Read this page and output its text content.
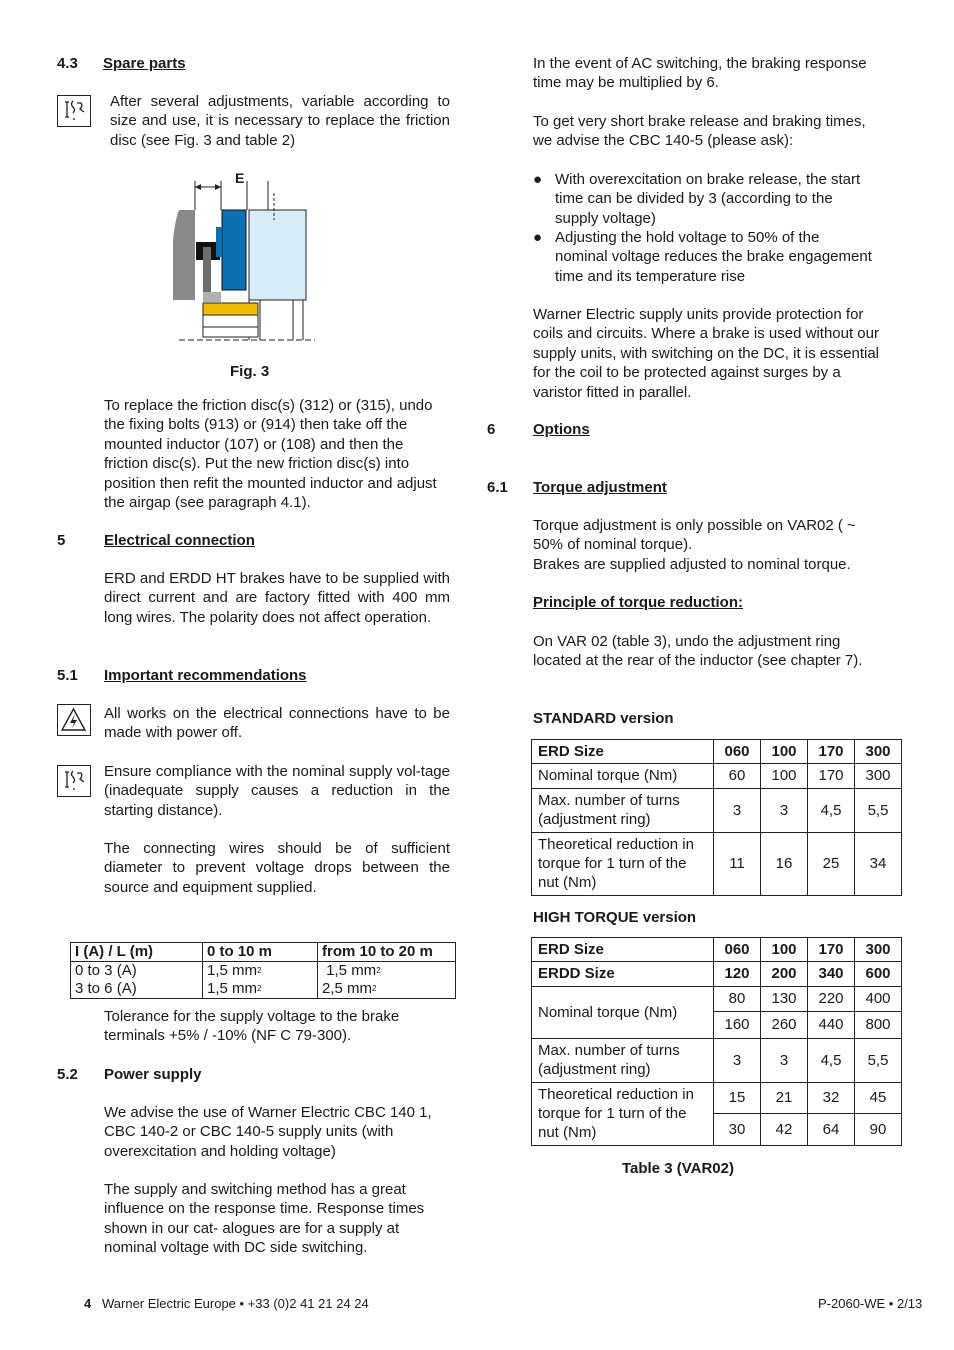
4.3 Spare parts
After several adjustments, variable according to size and use, it is necessary to replace the friction disc (see Fig. 3 and table 2)
E
Fig. 3
To replace the friction disc(s) (312) or (315), undo the fixing bolts (913) or (914) then take off the mounted inductor (107) or (108) and then the friction disc(s). Put the new friction disc(s) into position then refit the mounted inductor and adjust the airgap (see paragraph 4.1).
5	Electrical connection
ERD and ERDD HT brakes have to be supplied with direct current and are factory fitted with 400 mm long wires. The polarity does not affect operation.
5.1 Important recommendations
All works on the electrical connections have to be made with power off.
Ensure compliance with the nominal supply vol-tage (inadequate supply causes a reduction in the starting distance).
The connecting wires should be of sufficient diameter to prevent voltage drops between the source and equipment supplied.
I (A) / L (m)	0 to 10 m	from 10 to 20 m
0 to 3 (A)	1,5 mm2	1,5 mm2
3 to 6 (A)	1,5 mm2	2,5 mm2
Tolerance for the supply voltage to the brake terminals +5% / -10% (NF C 79-300).
5.2 Power supply
We advise the use of Warner Electric CBC 140 1, CBC 140-2 or CBC 140-5 supply units (with overexcitation and holding voltage)
The supply and switching method has a great influence on the response time. Response times shown in our cat- alogues are for a supply at nominal voltage with DC side switching.
In the event of AC switching, the braking response time may be multiplied by 6.
To get very short brake release and braking times, we advise the CBC 140-5 (please ask):
● With overexcitation on brake release, the start time can be divided by 3 (according to the supply voltage)
● Adjusting the hold voltage to 50% of the nominal voltage reduces the brake engagement time and its temperature rise
Warner Electric supply units provide protection for coils and circuits. Where a brake is used without our supply units, with switching on the DC, it is essential for the coil to be protected against surges by a varistor fitted in parallel.
6	Options
6.1 Torque adjustment
Torque adjustment is only possible on VAR02 ( ~ 50% of nominal torque).
Brakes are supplied adjusted to nominal torque.
Principle of torque reduction:
On VAR 02 (table 3), undo the adjustment ring located at the rear of the inductor (see chapter 7).
STANDARD version
ERD Size	060	100	170	300
Nominal torque (Nm)	60	100	170	300
Max. number of turns (adjustment ring)	3	3	4,5	5,5
Theoretical reduction in torque for 1 turn of the nut (Nm)	11	16	25	34
HIGH TORQUE version
ERD Size	060	100	170	300
ERDD Size	120	200	340	600
Nominal torque (Nm)	80	130	220	400
	160	260	440	800
Max. number of turns (adjustment ring)	3	3	4,5	5,5
Theoretical reduction in torque for 1 turn of the nut (Nm)	15	21	32	45
	30	42	64	90
Table 3 (VAR02)
4 Warner Electric Europe • +33 (0)2 41 21 24 24	P-2060-WE • 2/13
